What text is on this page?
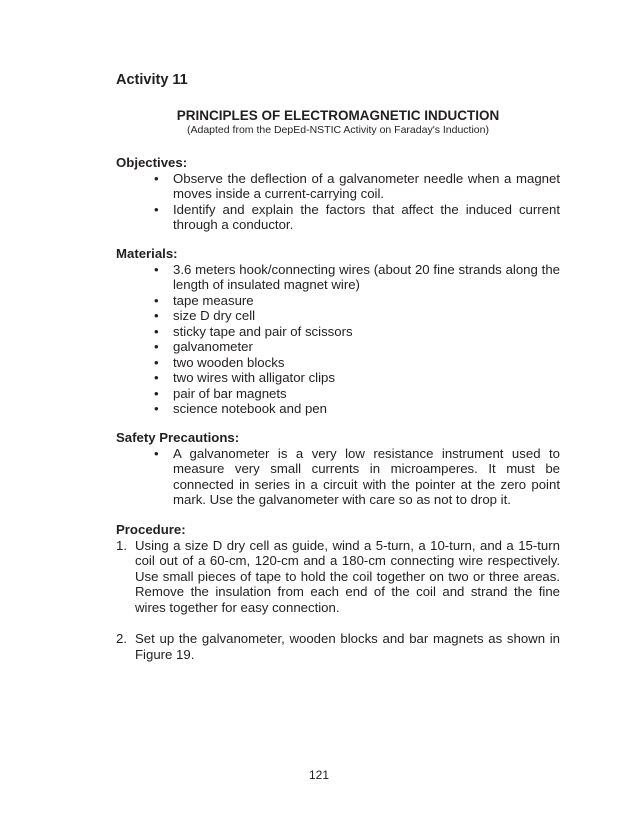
Activity 11
PRINCIPLES OF ELECTROMAGNETIC INDUCTION
(Adapted from the DepEd-NSTIC Activity on Faraday's Induction)
Objectives:
• Observe the deflection of a galvanometer needle when a magnet moves inside a current-carrying coil.
• Identify and explain the factors that affect the induced current through a conductor.
Materials:
• 3.6 meters hook/connecting wires (about 20 fine strands along the length of insulated magnet wire)
• tape measure
• size D dry cell
• sticky tape and pair of scissors
• galvanometer
• two wooden blocks
• two wires with alligator clips
• pair of bar magnets
• science notebook and pen
Safety Precautions:
• A galvanometer is a very low resistance instrument used to measure very small currents in microamperes. It must be connected in series in a circuit with the pointer at the zero point mark. Use the galvanometer with care so as not to drop it.
Procedure:
1. Using a size D dry cell as guide, wind a 5-turn, a 10-turn, and a 15-turn coil out of a 60-cm, 120-cm and a 180-cm connecting wire respectively. Use small pieces of tape to hold the coil together on two or three areas. Remove the insulation from each end of the coil and strand the fine wires together for easy connection.
2. Set up the galvanometer, wooden blocks and bar magnets as shown in Figure 19.
121
